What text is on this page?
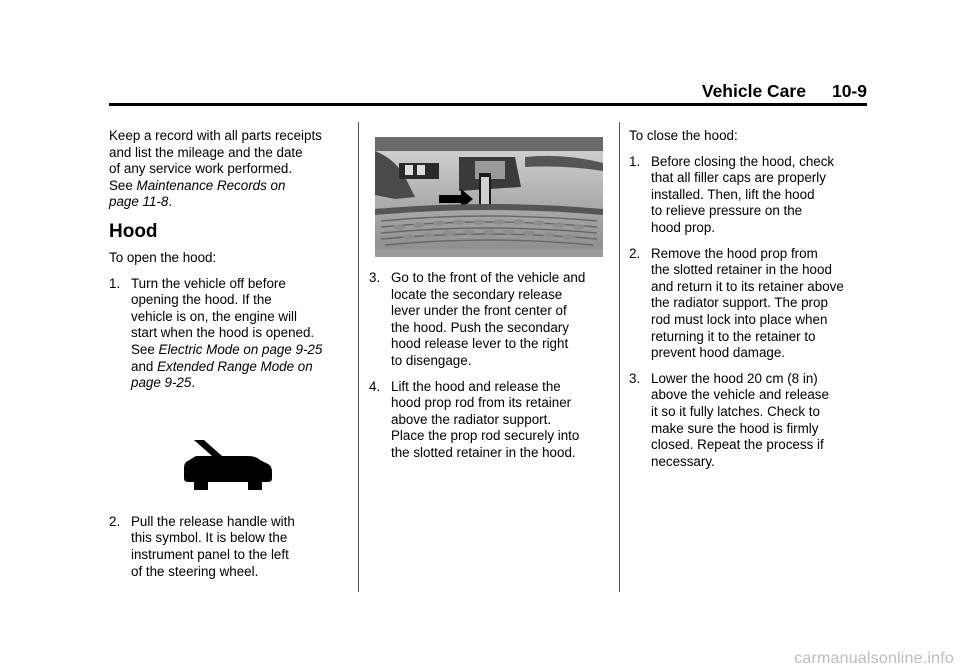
Vehicle Care 10-9

Keep a record with all parts receipts
and list the mileage and the date
of any service work performed.
See Maintenance Records on
page 11-8.

Hood

To open the hood:

1. Turn the vehicle off before
opening the hood. If the
vehicle is on, the engine will
start when the hood is opened.
See Electric Mode on page 9-25
and Extended Range Mode on
page 9-25.
2. Pull the release handle with
this symbol. It is below the
instrument panel to the left
of the steering wheel.
3. Go to the front of the vehicle and
locate the secondary release
lever under the front center of
the hood. Push the secondary
hood release lever to the right
to disengage.
4. Lift the hood and release the
hood prop rod from its retainer
above the radiator support.
Place the prop rod securely into
the slotted retainer in the hood.

To close the hood:

1. Before closing the hood, check
that all filler caps are properly
installed. Then, lift the hood
to relieve pressure on the
hood prop.
2. Remove the hood prop from
the slotted retainer in the hood
and return it to its retainer above
the radiator support. The prop
rod must lock into place when
returning it to the retainer to
prevent hood damage.
3. Lower the hood 20 cm (8 in)
above the vehicle and release
it so it fully latches. Check to
make sure the hood is firmly
closed. Repeat the process if
necessary.
carmanualsonline.info
